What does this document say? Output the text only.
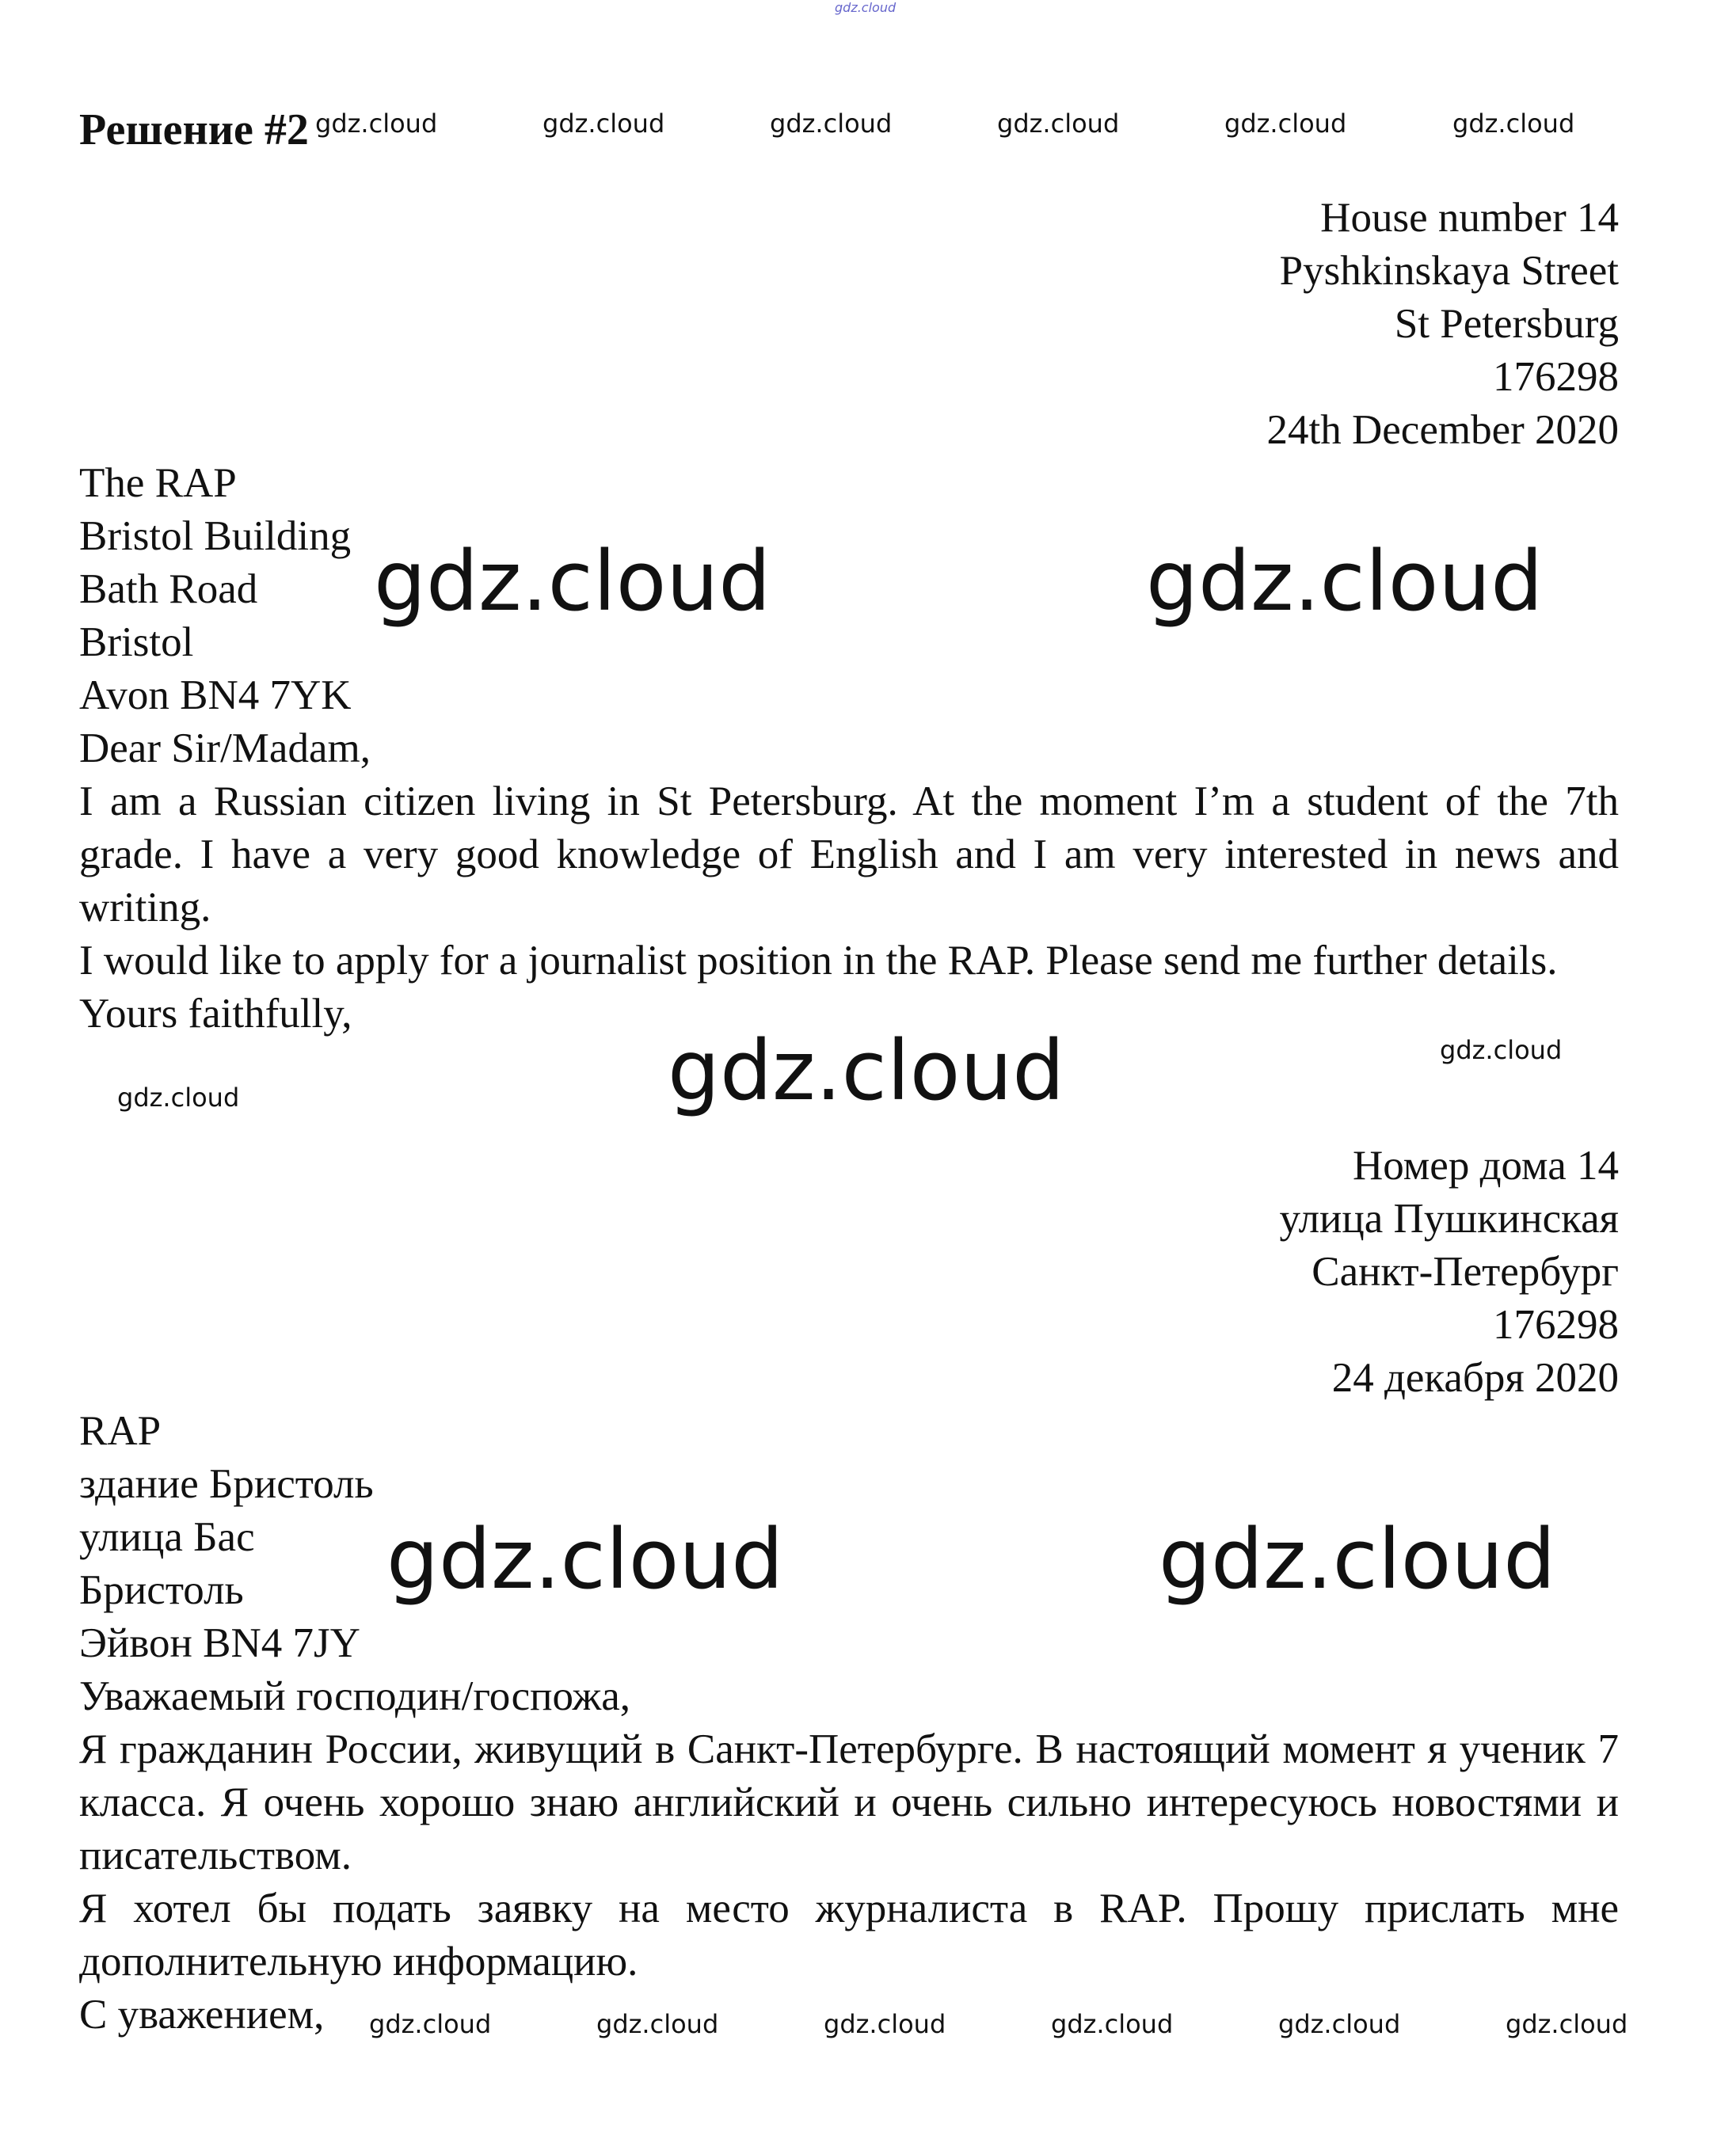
Решение #2

House number 14

Pyshkinskaya Street

St Petersburg

176298

24th December 2020

The RAP

Bristol Building

Bath Road

Bristol

Avon BN4 7YK

Dear Sir/Madam,

I am a Russian citizen living in St Petersburg. At the moment I’m a student of the 7th grade. I have a very good knowledge of English and I am very interested in news and writing.

I would like to apply for a journalist position in the RAP. Please send me further details.

Yours faithfully,

Номер дома 14

улица Пушкинская

Санкт-Петербург

176298

24 декабря 2020

RAP

здание Бристоль

улица Бас

Бристоль

Эйвон BN4 7JY

Уважаемый господин/госпожа,

Я гражданин России, живущий в Санкт-Петербурге. В настоящий момент я ученик 7 класса. Я очень хорошо знаю английский и очень сильно интересуюсь новостями и писательством.

Я хотел бы подать заявку на место журналиста в RAP. Прошу прислать мне дополнительную информацию.

С уважением,

gdz.cloud
gdz.cloud	gdz.cloud	gdz.cloud	gdz.cloud	gdz.cloud	gdz.cloud
gdz.cloud	gdz.cloud
gdz.cloud	gdz.cloud
gdz.cloud
gdz.cloud	gdz.cloud
gdz.cloud	gdz.cloud	gdz.cloud	gdz.cloud	gdz.cloud	gdz.cloud
